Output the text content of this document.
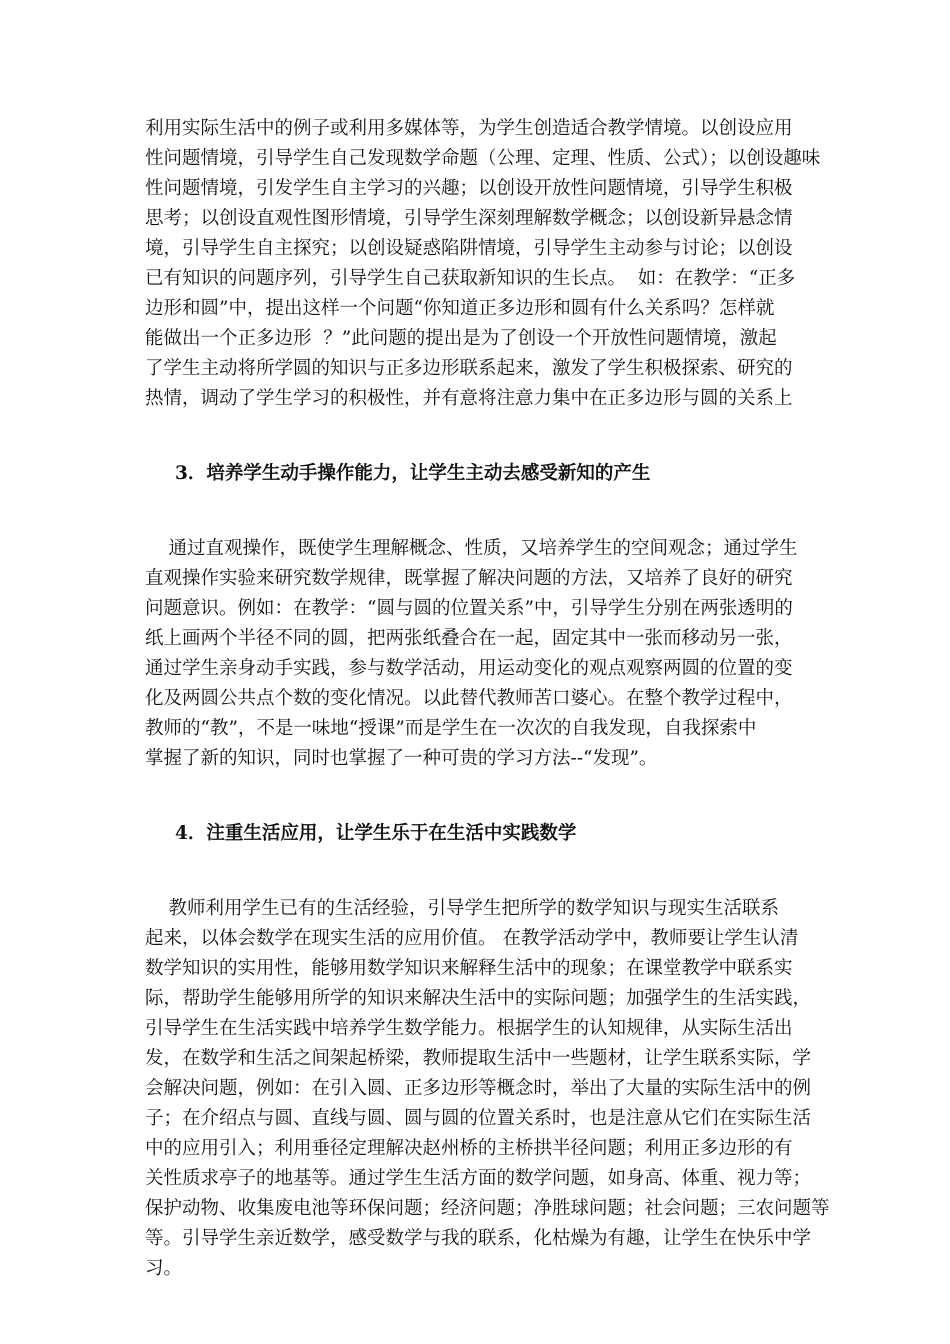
利用实际生活中的例子或利用多媒体等，为学生创造适合教学情境。以创设应用
性问题情境，引导学生自己发现数学命题（公理、定理、性质、公式）；以创设趣味
性问题情境，引发学生自主学习的兴趣；以创设开放性问题情境，引导学生积极
思考；以创设直观性图形情境，引导学生深刻理解数学概念；以创设新异悬念情
境，引导学生自主探究；以创设疑惑陷阱情境，引导学生主动参与讨论；以创设
已有知识的问题序列，引导学生自己获取新知识的生长点。  如：在教学：“正多
边形和圆”中，提出这样一个问题“你知道正多边形和圆有什么关系吗？怎样就
能做出一个正多边形  ？”此问题的提出是为了创设一个开放性问题情境，激起
了学生主动将所学圆的知识与正多边形联系起来，激发了学生积极探索、研究的
热情，调动了学生学习的积极性，并有意将注意力集中在正多边形与圆的关系上
3．培养学生动手操作能力，让学生主动去感受新知的产生
通过直观操作，既使学生理解概念、性质，又培养学生的空间观念；通过学生
直观操作实验来研究数学规律，既掌握了解决问题的方法，又培养了良好的研究
问题意识。例如：在教学：“圆与圆的位置关系”中，引导学生分别在两张透明的
纸上画两个半径不同的圆，把两张纸叠合在一起，固定其中一张而移动另一张，
通过学生亲身动手实践，参与数学活动，用运动变化的观点观察两圆的位置的变
化及两圆公共点个数的变化情况。以此替代教师苦口婆心。在整个教学过程中，
教师的“教”，不是一味地“授课”而是学生在一次次的自我发现，自我探索中
掌握了新的知识，同时也掌握了一种可贵的学习方法--“发现”。
4．注重生活应用，让学生乐于在生活中实践数学
教师利用学生已有的生活经验，引导学生把所学的数学知识与现实生活联系
起来，以体会数学在现实生活的应用价值。 在教学活动学中，教师要让学生认清
数学知识的实用性，能够用数学知识来解释生活中的现象；在课堂教学中联系实
际，帮助学生能够用所学的知识来解决生活中的实际问题；加强学生的生活实践，
引导学生在生活实践中培养学生数学能力。根据学生的认知规律，从实际生活出
发，在数学和生活之间架起桥梁，教师提取生活中一些题材，让学生联系实际，学
会解决问题，例如：在引入圆、正多边形等概念时，举出了大量的实际生活中的例
子；在介绍点与圆、直线与圆、圆与圆的位置关系时，也是注意从它们在实际生活
中的应用引入；利用垂径定理解决赵州桥的主桥拱半径问题；利用正多边形的有
关性质求亭子的地基等。通过学生生活方面的数学问题，如身高、体重、视力等；
保护动物、收集废电池等环保问题；经济问题；净胜球问题；社会问题；三农问题等
等。引导学生亲近数学，感受数学与我的联系，化枯燥为有趣，让学生在快乐中学
习。
